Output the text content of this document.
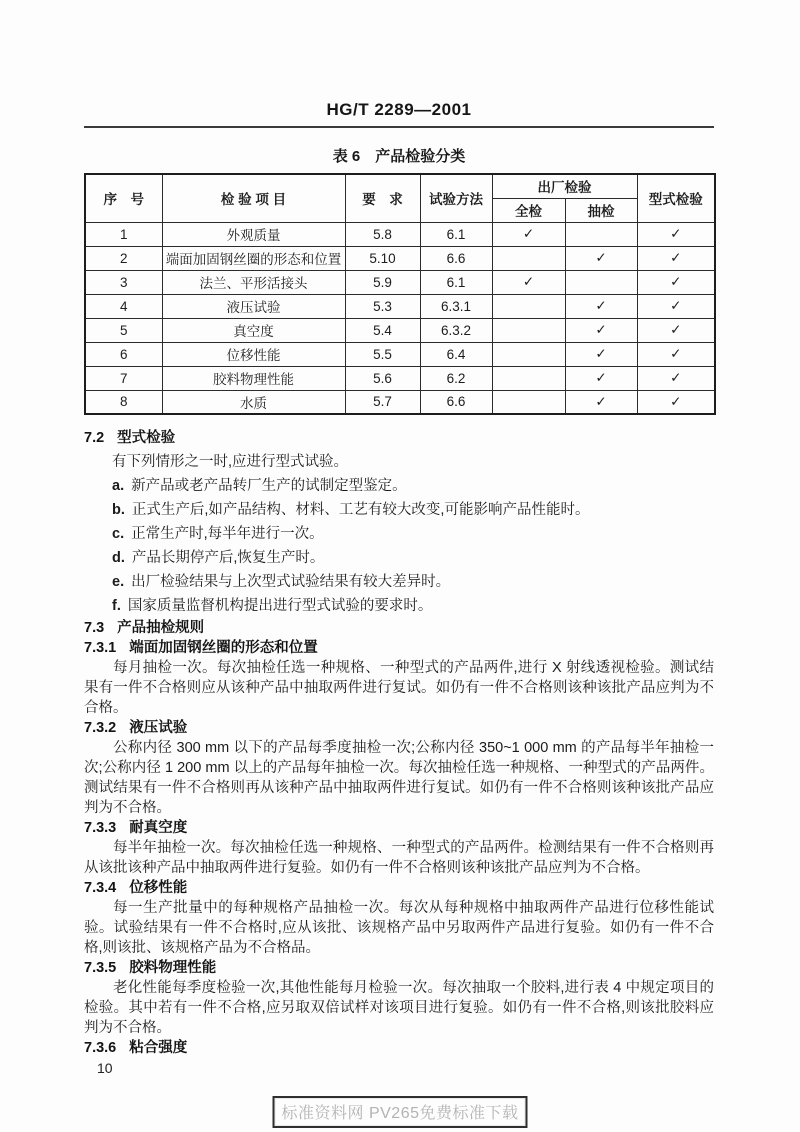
HG/T 2289—2001
表 6　产品检验分类
序　号	检 验 项 目	要　求	试验方法	出厂检验		型式检验
				全检	抽检	
1	外观质量	5.8	6.1	✓		✓
2	端面加固钢丝圈的形态和位置	5.10	6.6		✓	✓
3	法兰、平形活接头	5.9	6.1	✓		✓
4	液压试验	5.3	6.3.1		✓	✓
5	真空度	5.4	6.3.2		✓	✓
6	位移性能	5.5	6.4		✓	✓
7	胶料物理性能	5.6	6.2		✓	✓
8	水质	5.7	6.6		✓	✓
7.2 型式检验

有下列情形之一时,应进行型式试验。

a. 新产品或老产品转厂生产的试制定型鉴定。

b. 正式生产后,如产品结构、材料、工艺有较大改变,可能影响产品性能时。

c. 正常生产时,每半年进行一次。

d. 产品长期停产后,恢复生产时。

e. 出厂检验结果与上次型式试验结果有较大差异时。

f. 国家质量监督机构提出进行型式试验的要求时。

7.3 产品抽检规则
7.3.1 端面加固钢丝圈的形态和位置

每月抽检一次。每次抽检任选一种规格、一种型式的产品两件,进行 X 射线透视检验。测试结果有一件不合格则应从该种产品中抽取两件进行复试。如仍有一件不合格则该种该批产品应判为不合格。

7.3.2 液压试验

公称内径 300 mm 以下的产品每季度抽检一次;公称内径 350~1 000 mm 的产品每半年抽检一次;公称内径 1 200 mm 以上的产品每年抽检一次。每次抽检任选一种规格、一种型式的产品两件。测试结果有一件不合格则再从该种产品中抽取两件进行复试。如仍有一件不合格则该种该批产品应判为不合格。

7.3.3 耐真空度

每半年抽检一次。每次抽检任选一种规格、一种型式的产品两件。检测结果有一件不合格则再从该批该种产品中抽取两件进行复验。如仍有一件不合格则该种该批产品应判为不合格。

7.3.4 位移性能

每一生产批量中的每种规格产品抽检一次。每次从每种规格中抽取两件产品进行位移性能试验。试验结果有一件不合格时,应从该批、该规格产品中另取两件产品进行复验。如仍有一件不合格,则该批、该规格产品为不合格品。

7.3.5 胶料物理性能

老化性能每季度检验一次,其他性能每月检验一次。每次抽取一个胶料,进行表 4 中规定项目的检验。其中若有一件不合格,应另取双倍试样对该项目进行复验。如仍有一件不合格,则该批胶料应判为不合格。

7.3.6 粘合强度
10
标准资料网 PV265免费标准下载
